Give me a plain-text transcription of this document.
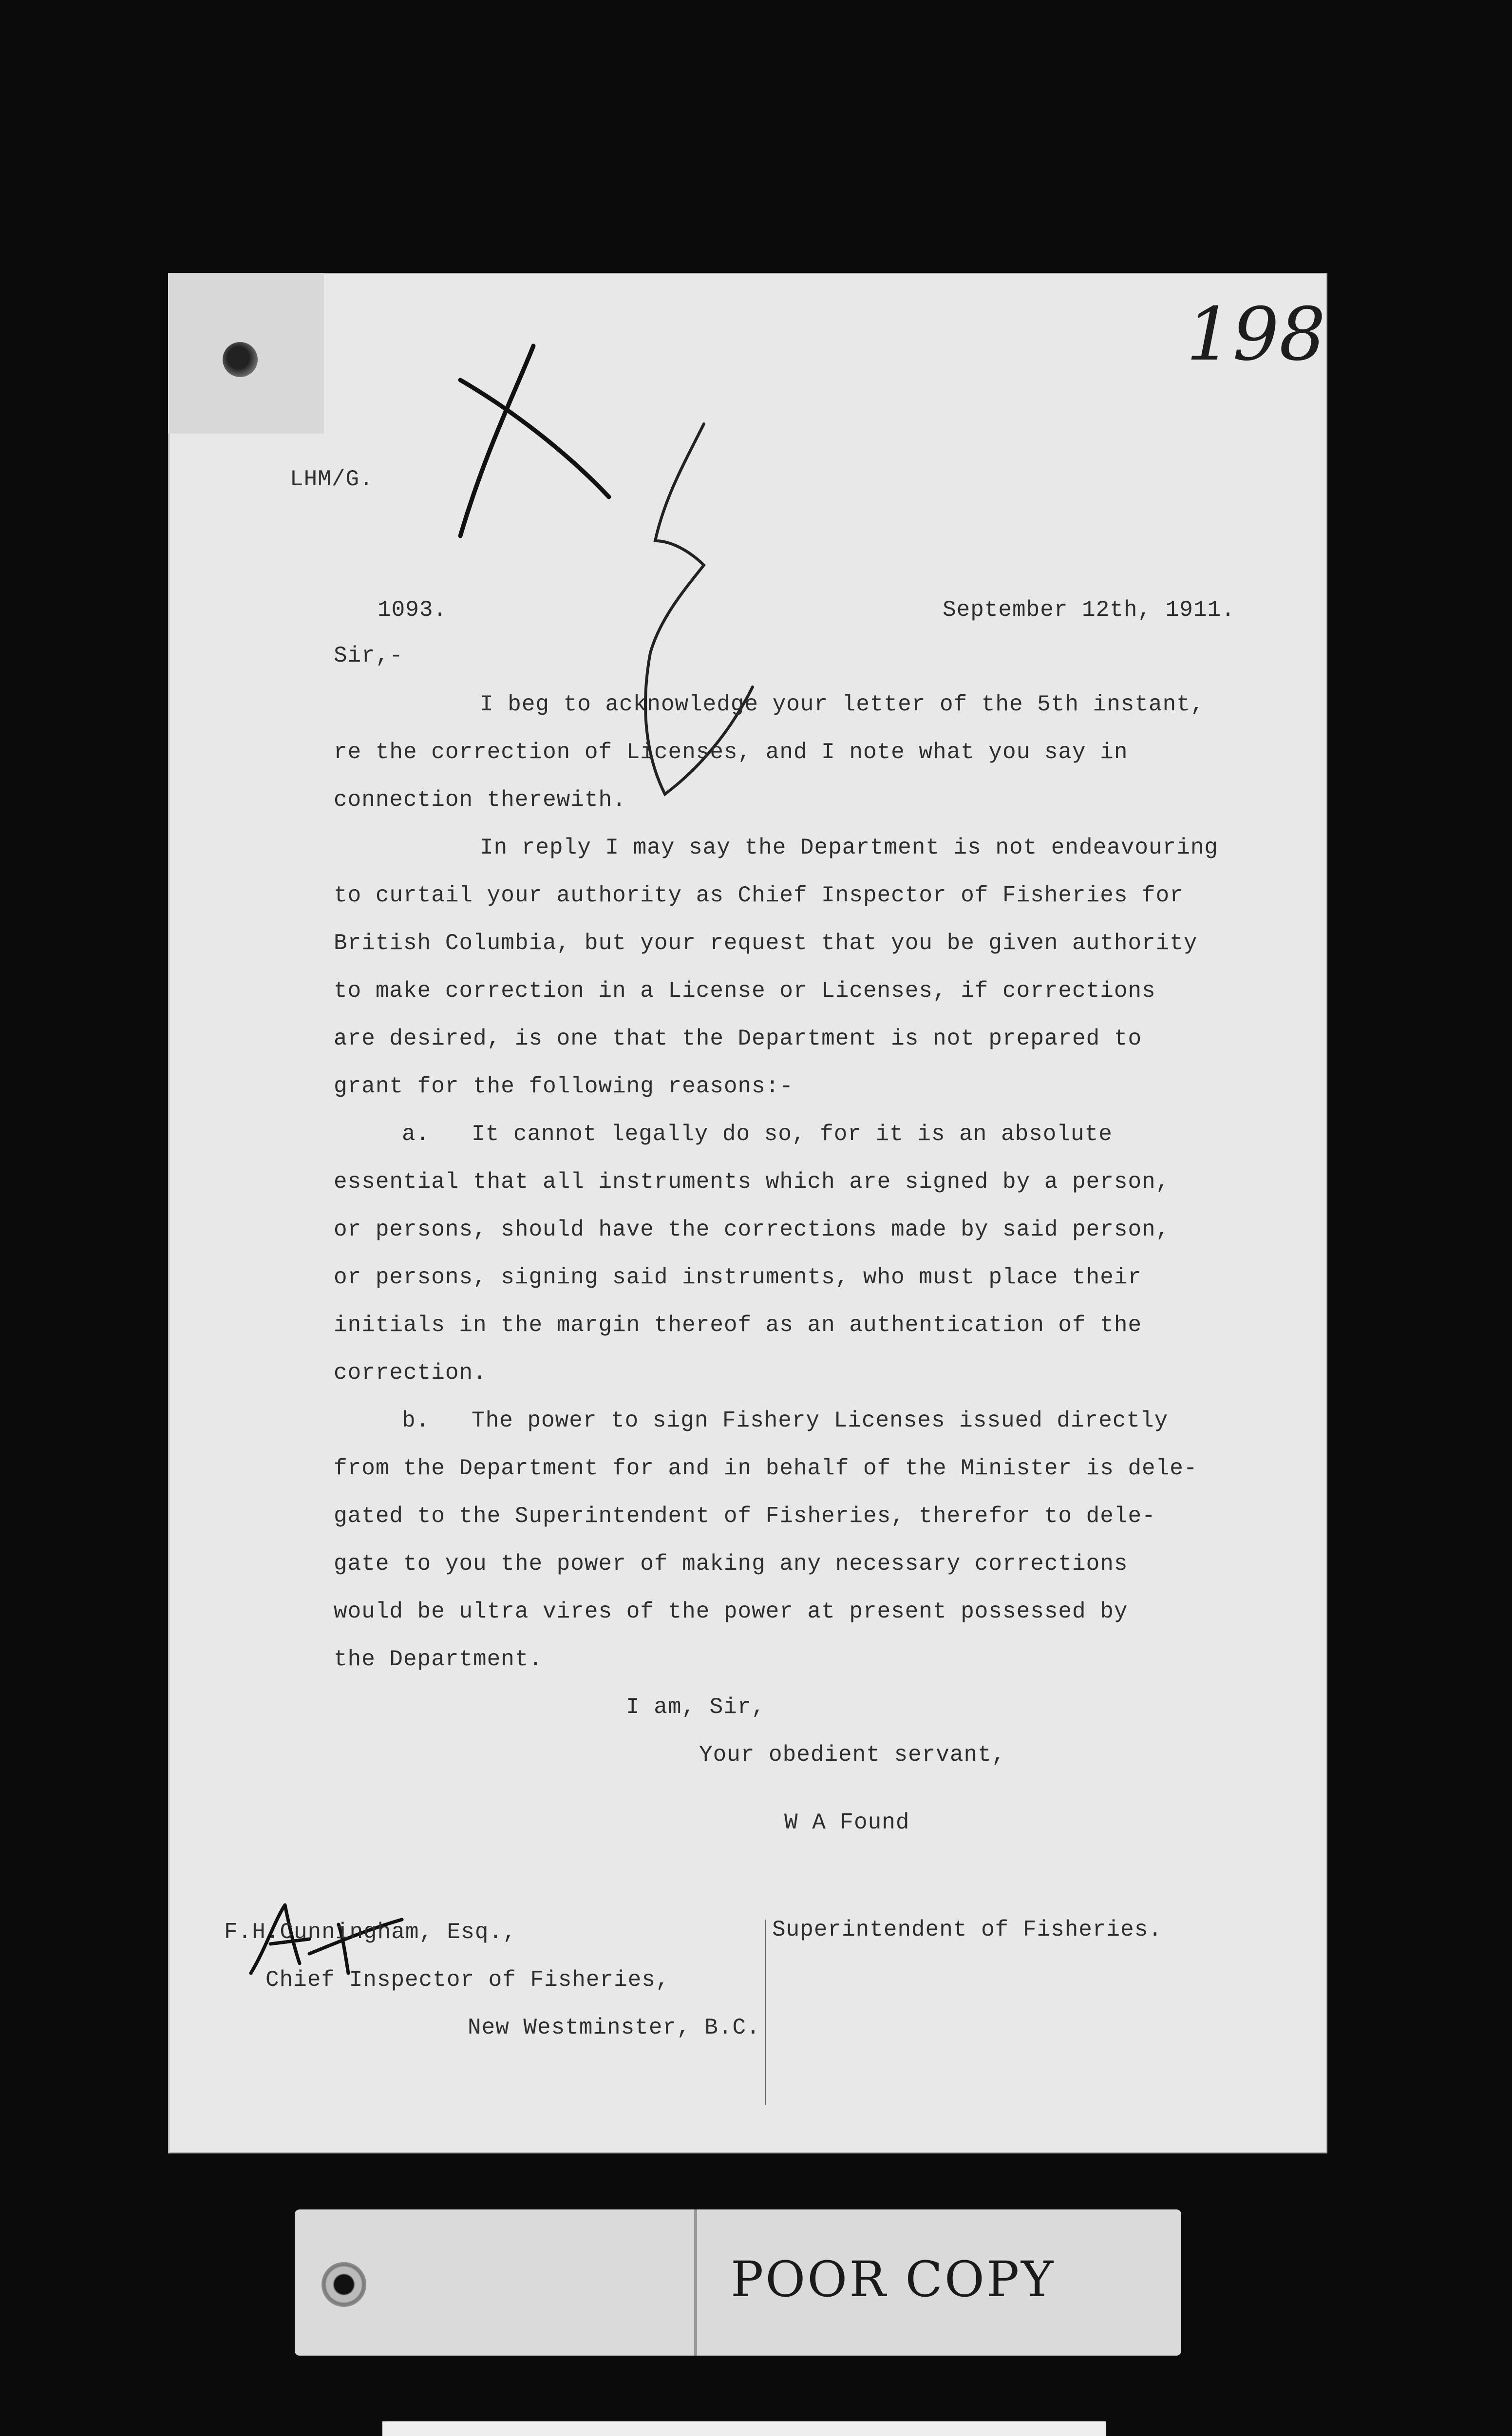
198
LHM/G.
1093.	September 12th, 1911.
Sir,-
I beg to acknowledge your letter of the 5th instant,
re the correction of Licenses, and I note what you say in
connection therewith.
In reply I may say the Department is not endeavouring
to curtail your authority as Chief Inspector of Fisheries for
British Columbia, but your request that you be given authority
to make correction in a License or Licenses, if corrections
are desired, is one that the Department is not prepared to
grant for the following reasons:-
a.   It cannot legally do so, for it is an absolute
essential that all instruments which are signed by a person,
or persons, should have the corrections made by said person,
or persons, signing said instruments, who must place their
initials in the margin thereof as an authentication of the
correction.
b.   The power to sign Fishery Licenses issued directly
from the Department for and in behalf of the Minister is dele-
gated to the Superintendent of Fisheries, therefor to dele-
gate to you the power of making any necessary corrections
would be ultra vires of the power at present possessed by
the Department.
I am, Sir,
Your obedient servant,
W A Found
Superintendent of Fisheries.
F.H.Cunningham, Esq.,
Chief Inspector of Fisheries,
New Westminster, B.C.
POOR COPY
